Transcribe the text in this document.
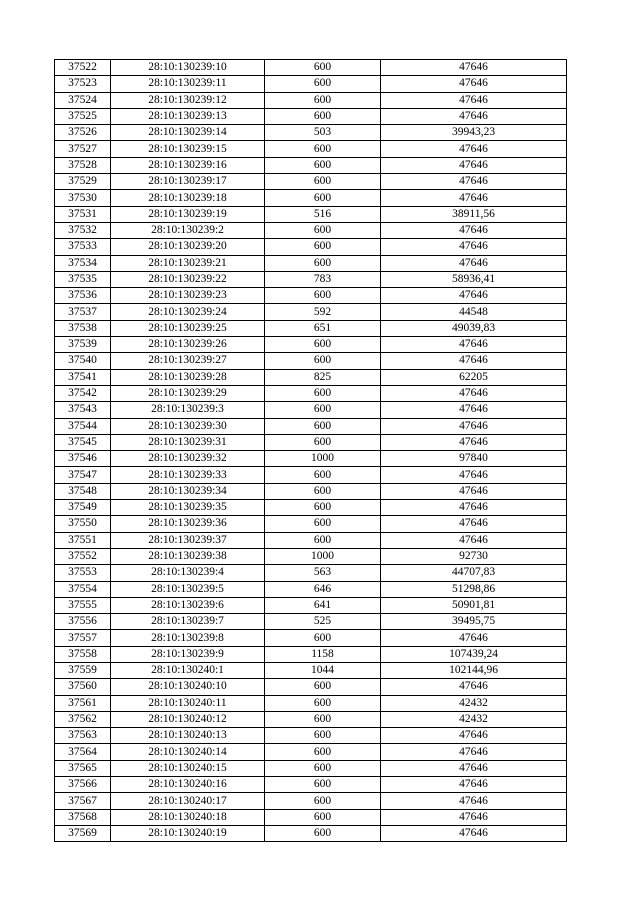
37522	28:10:130239:10	600	47646
37523	28:10:130239:11	600	47646
37524	28:10:130239:12	600	47646
37525	28:10:130239:13	600	47646
37526	28:10:130239:14	503	39943,23
37527	28:10:130239:15	600	47646
37528	28:10:130239:16	600	47646
37529	28:10:130239:17	600	47646
37530	28:10:130239:18	600	47646
37531	28:10:130239:19	516	38911,56
37532	28:10:130239:2	600	47646
37533	28:10:130239:20	600	47646
37534	28:10:130239:21	600	47646
37535	28:10:130239:22	783	58936,41
37536	28:10:130239:23	600	47646
37537	28:10:130239:24	592	44548
37538	28:10:130239:25	651	49039,83
37539	28:10:130239:26	600	47646
37540	28:10:130239:27	600	47646
37541	28:10:130239:28	825	62205
37542	28:10:130239:29	600	47646
37543	28:10:130239:3	600	47646
37544	28:10:130239:30	600	47646
37545	28:10:130239:31	600	47646
37546	28:10:130239:32	1000	97840
37547	28:10:130239:33	600	47646
37548	28:10:130239:34	600	47646
37549	28:10:130239:35	600	47646
37550	28:10:130239:36	600	47646
37551	28:10:130239:37	600	47646
37552	28:10:130239:38	1000	92730
37553	28:10:130239:4	563	44707,83
37554	28:10:130239:5	646	51298,86
37555	28:10:130239:6	641	50901,81
37556	28:10:130239:7	525	39495,75
37557	28:10:130239:8	600	47646
37558	28:10:130239:9	1158	107439,24
37559	28:10:130240:1	1044	102144,96
37560	28:10:130240:10	600	47646
37561	28:10:130240:11	600	42432
37562	28:10:130240:12	600	42432
37563	28:10:130240:13	600	47646
37564	28:10:130240:14	600	47646
37565	28:10:130240:15	600	47646
37566	28:10:130240:16	600	47646
37567	28:10:130240:17	600	47646
37568	28:10:130240:18	600	47646
37569	28:10:130240:19	600	47646
